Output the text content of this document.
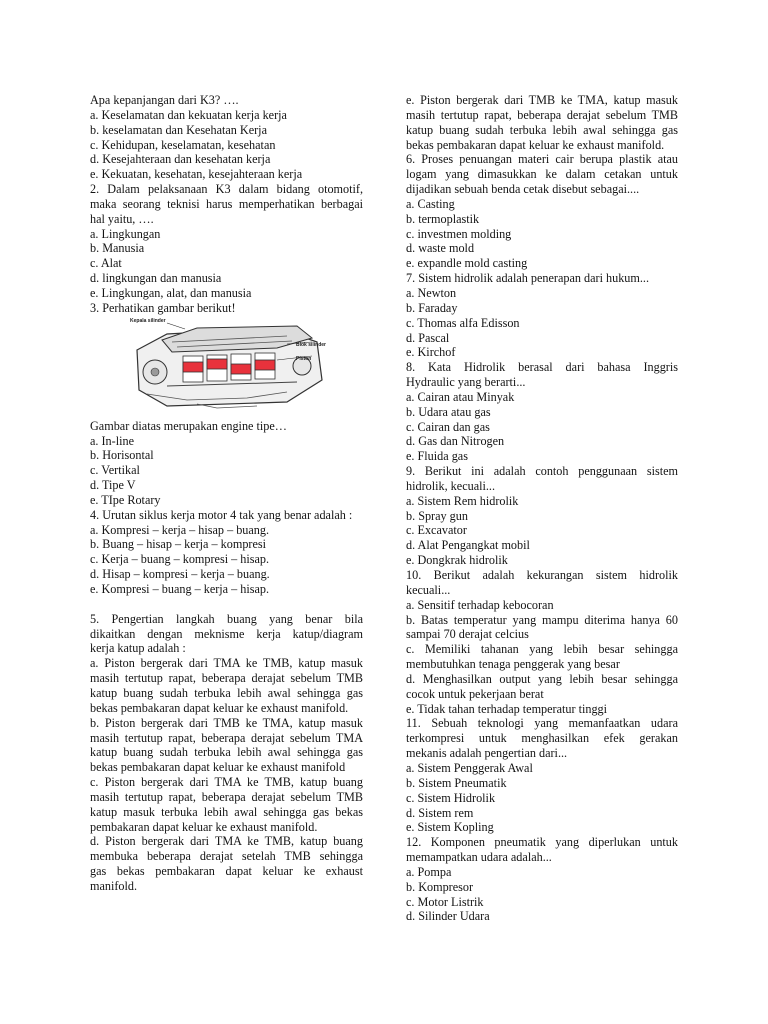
Apa kepanjangan dari K3? ….
a. Keselamatan dan kekuatan kerja kerja
b. keselamatan dan Kesehatan Kerja
c. Kehidupan, keselamatan, kesehatan
d. Kesejahteraan dan kesehatan kerja
e. Kekuatan, kesehatan, kesejahteraan kerja
2. Dalam pelaksanaan K3 dalam bidang otomotif,
maka seorang teknisi harus memperhatikan berbagai
hal yaitu, ….
a. Lingkungan
b. Manusia
c. Alat
d. lingkungan dan manusia
e. Lingkungan, alat, dan manusia
3. Perhatikan gambar berikut!
Kepala silinder
Blok silinder
Piston
Gambar diatas merupakan engine tipe…
a. In-line
b. Horisontal
c. Vertikal
d. Tipe V
e. TIpe Rotary
4. Urutan siklus kerja motor 4 tak yang benar adalah :
a. Kompresi – kerja – hisap – buang.
b. Buang – hisap – kerja – kompresi
c. Kerja – buang – kompresi – hisap.
d. Hisap – kompresi – kerja – buang.
e. Kompresi – buang – kerja – hisap.
5. Pengertian langkah buang yang benar bila
dikaitkan dengan meknisme kerja katup/diagram
kerja katup adalah :
a. Piston bergerak dari TMA ke TMB, katup masuk
masih tertutup rapat, beberapa derajat sebelum TMB
katup buang sudah terbuka lebih awal sehingga gas
bekas pembakaran dapat keluar ke exhaust manifold.
b. Piston bergerak dari TMB ke TMA, katup masuk
masih tertutup rapat, beberapa derajat sebelum TMA
katup buang sudah terbuka lebih awal sehingga gas
bekas pembakaran dapat keluar ke exhaust manifold
c. Piston bergerak dari TMA ke TMB, katup buang
masih tertutup rapat, beberapa derajat sebelum TMB
katup masuk terbuka lebih awal sehingga gas bekas
pembakaran dapat keluar ke exhaust manifold.
d. Piston bergerak dari TMA ke TMB, katup buang
membuka beberapa derajat setelah TMB sehingga
gas bekas pembakaran dapat keluar ke exhaust
manifold.
e. Piston bergerak dari TMB ke TMA, katup masuk
masih tertutup rapat, beberapa derajat sebelum TMB
katup buang sudah terbuka lebih awal sehingga gas
bekas pembakaran dapat keluar ke exhaust manifold.
6. Proses penuangan materi cair berupa plastik atau
logam yang dimasukkan ke dalam cetakan untuk
dijadikan sebuah benda cetak disebut sebagai....
a. Casting
b. termoplastik
c. investmen molding
d. waste mold
e. expandle mold casting
7. Sistem hidrolik adalah penerapan dari hukum...
a. Newton
b. Faraday
c. Thomas alfa Edisson
d. Pascal
e. Kirchof
8. Kata Hidrolik berasal dari bahasa Inggris
Hydraulic yang berarti...
a. Cairan atau Minyak
b. Udara atau gas
c. Cairan dan gas
d. Gas dan Nitrogen
e. Fluida gas
9. Berikut ini adalah contoh penggunaan sistem
hidrolik, kecuali...
a. Sistem Rem hidrolik
b. Spray gun
c. Excavator
d. Alat Pengangkat mobil
e. Dongkrak hidrolik
10. Berikut adalah kekurangan sistem hidrolik
kecuali...
a. Sensitif terhadap kebocoran
b. Batas temperatur yang mampu diterima hanya 60
sampai 70 derajat celcius
c. Memiliki tahanan yang lebih besar sehingga
membutuhkan tenaga penggerak yang besar
d. Menghasilkan output yang lebih besar sehingga
cocok untuk pekerjaan berat
e. Tidak tahan terhadap temperatur tinggi
11. Sebuah teknologi yang memanfaatkan udara
terkompresi untuk menghasilkan efek gerakan
mekanis adalah pengertian dari...
a. Sistem Penggerak Awal
b. Sistem Pneumatik
c. Sistem Hidrolik
d. Sistem rem
e. Sistem Kopling
12. Komponen pneumatik yang diperlukan untuk
memampatkan udara adalah...
a. Pompa
b. Kompresor
c. Motor Listrik
d. Silinder Udara
